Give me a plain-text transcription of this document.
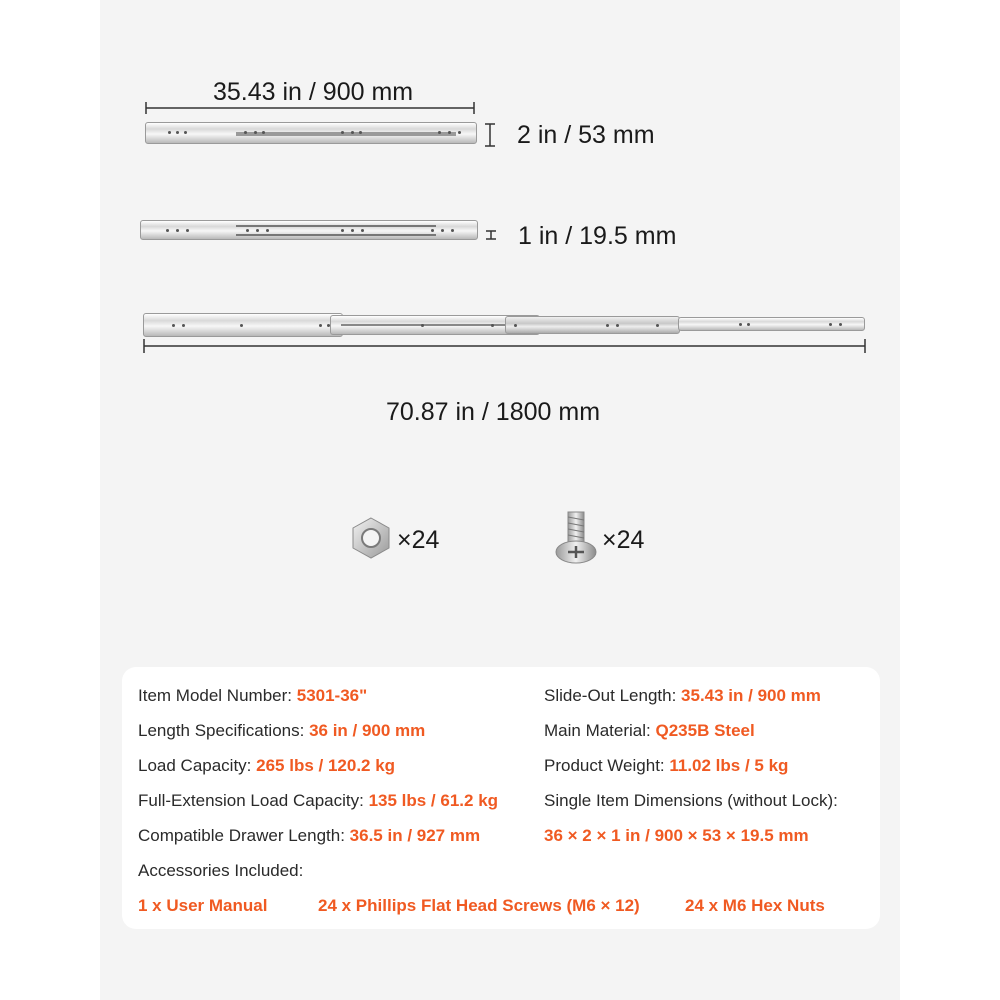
35.43 in / 900 mm
2 in / 53 mm
1 in / 19.5 mm
70.87 in / 1800 mm
×24	×24
Item Model Number: 5301-36"
Length Specifications: 36 in / 900 mm
Load Capacity: 265 lbs / 120.2 kg
Full-Extension Load Capacity: 135 lbs / 61.2 kg
Compatible Drawer Length: 36.5 in / 927 mm
Slide-Out Length: 35.43 in / 900 mm
Main Material: Q235B Steel
Product Weight: 11.02 lbs / 5 kg
Single Item Dimensions (without Lock):
36 × 2 × 1 in / 900 × 53 × 19.5 mm
Accessories Included:
1 x User Manual	24 x Phillips Flat Head Screws (M6 × 12)	24 x M6 Hex Nuts
